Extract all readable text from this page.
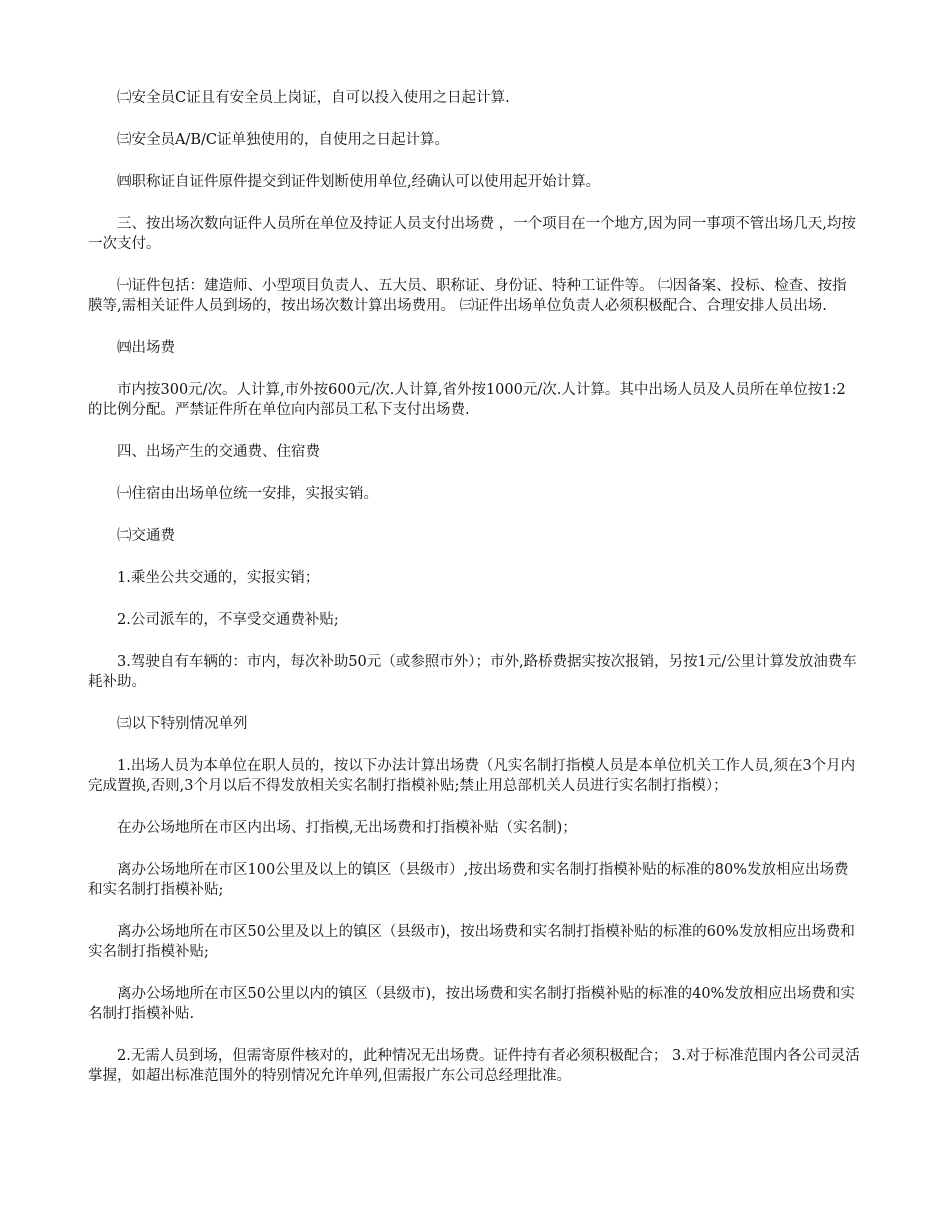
㈡安全员C证且有安全员上岗证，自可以投入使用之日起计算.

㈢安全员A/B/C证单独使用的，自使用之日起计算。

㈣职称证自证件原件提交到证件划断使用单位,经确认可以使用起开始计算。

三、按出场次数向证件人员所在单位及持证人员支付出场费 ，一个项目在一个地方,因为同一事项不管出场几天,均按一次支付。

㈠证件包括：建造师、小型项目负责人、五大员、职称证、身份证、特种工证件等。 ㈡因备案、投标、检查、按指膜等,需相关证件人员到场的，按出场次数计算出场费用。 ㈢证件出场单位负责人必须积极配合、合理安排人员出场.

㈣出场费

市内按300元/次。人计算,市外按600元/次.人计算,省外按1000元/次.人计算。其中出场人员及人员所在单位按1:2的比例分配。严禁证件所在单位向内部员工私下支付出场费.

四、出场产生的交通费、住宿费

㈠住宿由出场单位统一安排，实报实销。

㈡交通费

1.乘坐公共交通的，实报实销；

2.公司派车的，不享受交通费补贴;

3.驾驶自有车辆的：市内，每次补助50元（或参照市外）；市外,路桥费据实按次报销，另按1元/公里计算发放油费车耗补助。

㈢以下特别情况单列

1.出场人员为本单位在职人员的，按以下办法计算出场费（凡实名制打指模人员是本单位机关工作人员,须在3个月内完成置换,否则,3个月以后不得发放相关实名制打指模补贴;禁止用总部机关人员进行实名制打指模）；

在办公场地所在市区内出场、打指模,无出场费和打指模补贴（实名制)；

离办公场地所在市区100公里及以上的镇区（县级市）,按出场费和实名制打指模补贴的标准的80%发放相应出场费和实名制打指模补贴;

离办公场地所在市区50公里及以上的镇区（县级市)，按出场费和实名制打指模补贴的标准的60%发放相应出场费和实名制打指模补贴;

离办公场地所在市区50公里以内的镇区（县级市)，按出场费和实名制打指模补贴的标准的40%发放相应出场费和实名制打指模补贴.

2.无需人员到场，但需寄原件核对的，此种情况无出场费。证件持有者必须积极配合； 3.对于标准范围内各公司灵活掌握，如超出标准范围外的特别情况允许单列,但需报广东公司总经理批准。
